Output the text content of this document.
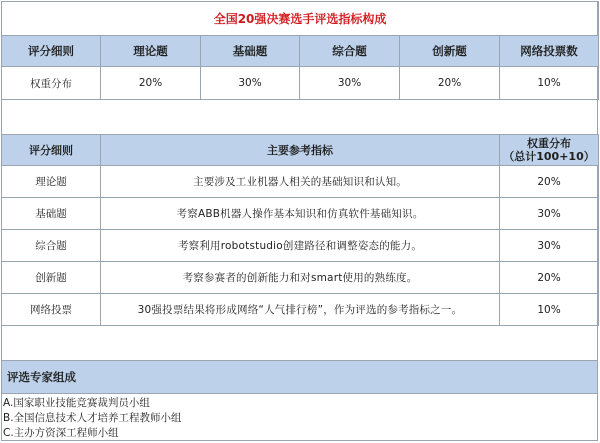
全国20强决赛选手评选指标构成					
评分细则	理论题	基础题	综合题	创新题	网络投票数
权重分布	20%	30%	30%	20%	10%
评分细则	主要参考指标	权重分布
（总计100+10）

理论题	主要涉及工业机器人相关的基础知识和认知。	20%
基础题	考察ABB机器人操作基本知识和仿真软件基础知识。	30%
综合题	考察利用robotstudio创建路径和调整姿态的能力。	30%
创新题	考察参赛者的创新能力和对smart使用的熟练度。	20%
网络投票	30强投票结果将形成网络“人气排行榜”，作为评选的参考指标之一。	10%
评选专家组成
A.国家职业技能竞赛裁判员小组
B.全国信息技术人才培养工程教师小组
C.主办方资深工程师小组
